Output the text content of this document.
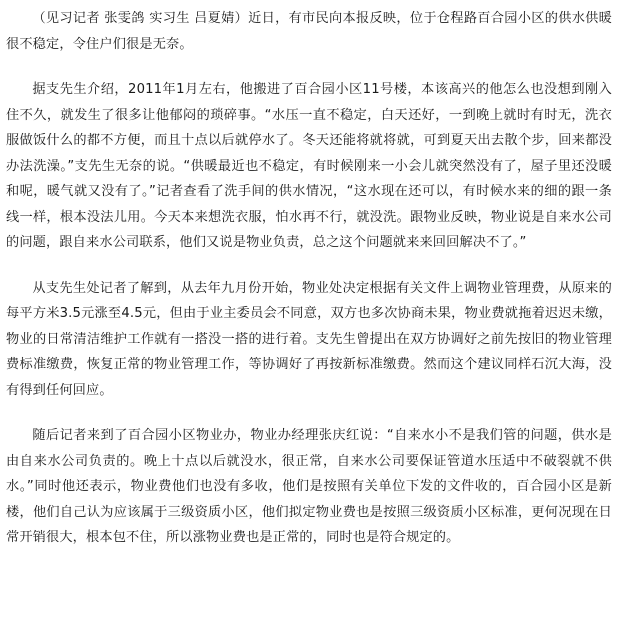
（见习记者 张雯鸽 实习生 吕夏婧）近日，有市民向本报反映，位于仓程路百合园小区的供水供暖很不稳定，令住户们很是无奈。

据支先生介绍，2011年1月左右，他搬进了百合园小区11号楼，本该高兴的他怎么也没想到刚入住不久，就发生了很多让他郁闷的琐碎事。“水压一直不稳定，白天还好，一到晚上就时有时无，洗衣服做饭什么的都不方便，而且十点以后就停水了。冬天还能将就将就，可到夏天出去散个步，回来都没办法洗澡。”支先生无奈的说。“供暖最近也不稳定，有时候刚来一小会儿就突然没有了，屋子里还没暖和呢，暖气就又没有了。”记者查看了洗手间的供水情况，“这水现在还可以，有时候水来的细的跟一条线一样，根本没法儿用。今天本来想洗衣服，怕水再不行，就没洗。跟物业反映，物业说是自来水公司的问题，跟自来水公司联系，他们又说是物业负责，总之这个问题就来来回回解决不了。”

从支先生处记者了解到，从去年九月份开始，物业处决定根据有关文件上调物业管理费，从原来的每平方米3.5元涨至4.5元，但由于业主委员会不同意，双方也多次协商未果，物业费就拖着迟迟未缴，物业的日常清洁维护工作就有一搭没一搭的进行着。支先生曾提出在双方协调好之前先按旧的物业管理费标准缴费，恢复正常的物业管理工作，等协调好了再按新标准缴费。然而这个建议同样石沉大海，没有得到任何回应。

随后记者来到了百合园小区物业办，物业办经理张庆红说：“自来水小不是我们管的问题，供水是由自来水公司负责的。晚上十点以后就没水，很正常，自来水公司要保证管道水压适中不破裂就不供水。”同时他还表示，物业费他们也没有多收，他们是按照有关单位下发的文件收的，百合园小区是新楼，他们自己认为应该属于三级资质小区，他们拟定物业费也是按照三级资质小区标准，更何况现在日常开销很大，根本包不住，所以涨物业费也是正常的，同时也是符合规定的。
